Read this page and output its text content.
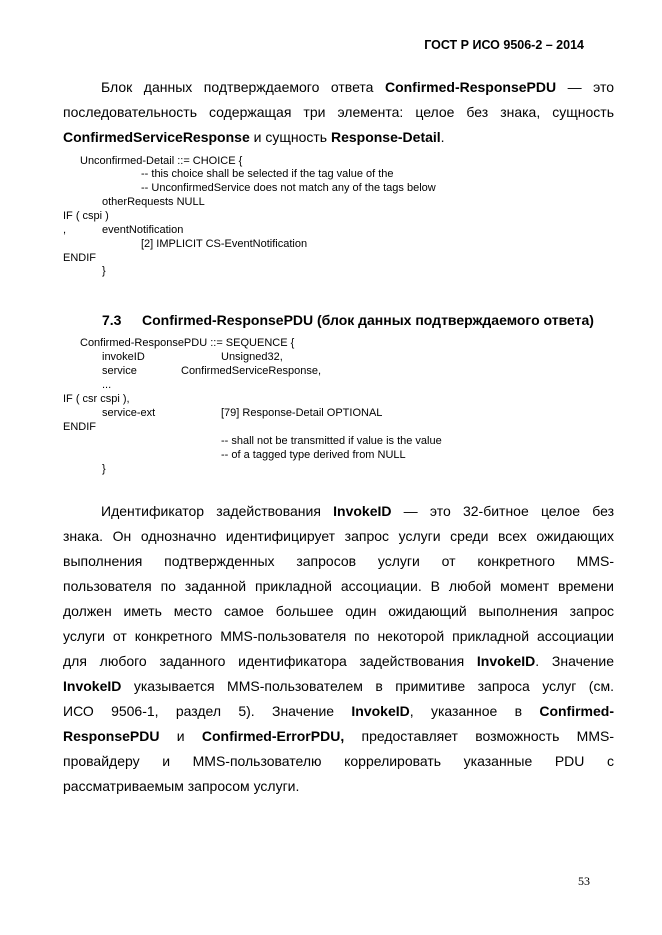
ГОСТ Р ИСО 9506-2 – 2014
Блок данных подтверждаемого ответа Confirmed-ResponsePDU — это
последовательность содержащая три элемента: целое без знака, сущность
ConfirmedServiceResponse и сущность Response-Detail.
Unconfirmed-Detail ::= CHOICE {
-- this choice shall be selected if the tag value of the
-- UnconfirmedService does not match any of the tags below
otherRequests NULL
IF ( cspi )
,	eventNotification
[2] IMPLICIT CS-EventNotification
ENDIF
}
7.3 Confirmed-ResponsePDU (блок данных подтверждаемого ответа)
Confirmed-ResponsePDU ::= SEQUENCE {
invokeID	Unsigned32,
service	ConfirmedServiceResponse,
...
IF ( csr cspi ),
service-ext	[79] Response-Detail OPTIONAL
ENDIF
-- shall not be transmitted if value is the value
-- of a tagged type derived from NULL
}
Идентификатор задействования InvokeID — это 32-битное целое без
знака. Он однозначно идентифицирует запрос услуги среди всех ожидающих
выполнения подтвержденных запросов услуги от конкретного MMS-
пользователя по заданной прикладной ассоциации. В любой момент времени
должен иметь место самое большее один ожидающий выполнения запрос
услуги от конкретного MMS-пользователя по некоторой прикладной ассоциации
для любого заданного идентификатора задействования InvokeID. Значение
InvokeID указывается MMS-пользователем в примитиве запроса услуг (см.
ИСО 9506-1, раздел 5). Значение InvokeID, указанное в Confirmed-
ResponsePDU и Confirmed-ErrorPDU, предоставляет возможность MMS-
провайдеру и MMS-пользователю коррелировать указанные PDU с
рассматриваемым запросом услуги.
53
